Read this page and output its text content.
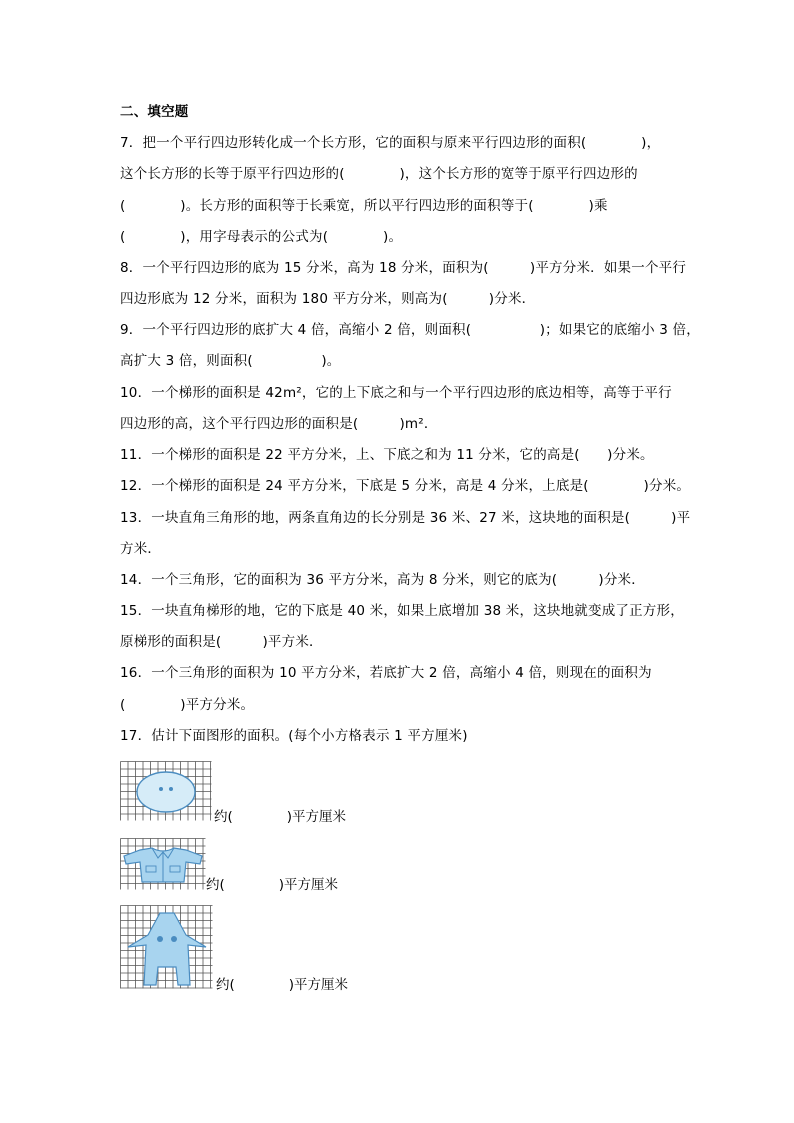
二、填空题
7．把一个平行四边形转化成一个长方形，它的面积与原来平行四边形的面积(　　　　)，
这个长方形的长等于原平行四边形的(　　　　)，这个长方形的宽等于原平行四边形的
(　　　　)。长方形的面积等于长乘宽，所以平行四边形的面积等于(　　　　)乘
(　　　　)，用字母表示的公式为(　　　　)。
8．一个平行四边形的底为 15 分米，高为 18 分米，面积为(　　　)平方分米．如果一个平行
四边形底为 12 分米，面积为 180 平方分米，则高为(　　　)分米．
9．一个平行四边形的底扩大 4 倍，高缩小 2 倍，则面积(　　　　　)；如果它的底缩小 3 倍，
高扩大 3 倍，则面积(　　　　　)。
10．一个梯形的面积是 42m²，它的上下底之和与一个平行四边形的底边相等，高等于平行
四边形的高，这个平行四边形的面积是(　　　)m²．
11．一个梯形的面积是 22 平方分米，上、下底之和为 11 分米，它的高是(　　)分米。
12．一个梯形的面积是 24 平方分米，下底是 5 分米，高是 4 分米，上底是(　　　　)分米。
13．一块直角三角形的地，两条直角边的长分别是 36 米、27 米，这块地的面积是(　　　)平
方米．
14．一个三角形，它的面积为 36 平方分米，高为 8 分米，则它的底为(　　　)分米．
15．一块直角梯形的地，它的下底是 40 米，如果上底增加 38 米，这块地就变成了正方形，
原梯形的面积是(　　　)平方米．
16．一个三角形的面积为 10 平方分米，若底扩大 2 倍，高缩小 4 倍，则现在的面积为
(　　　　)平方分米。
17．估计下面图形的面积。(每个小方格表示 1 平方厘米)
约(　　　　)平方厘米
约(　　　　)平方厘米
约(　　　　)平方厘米
